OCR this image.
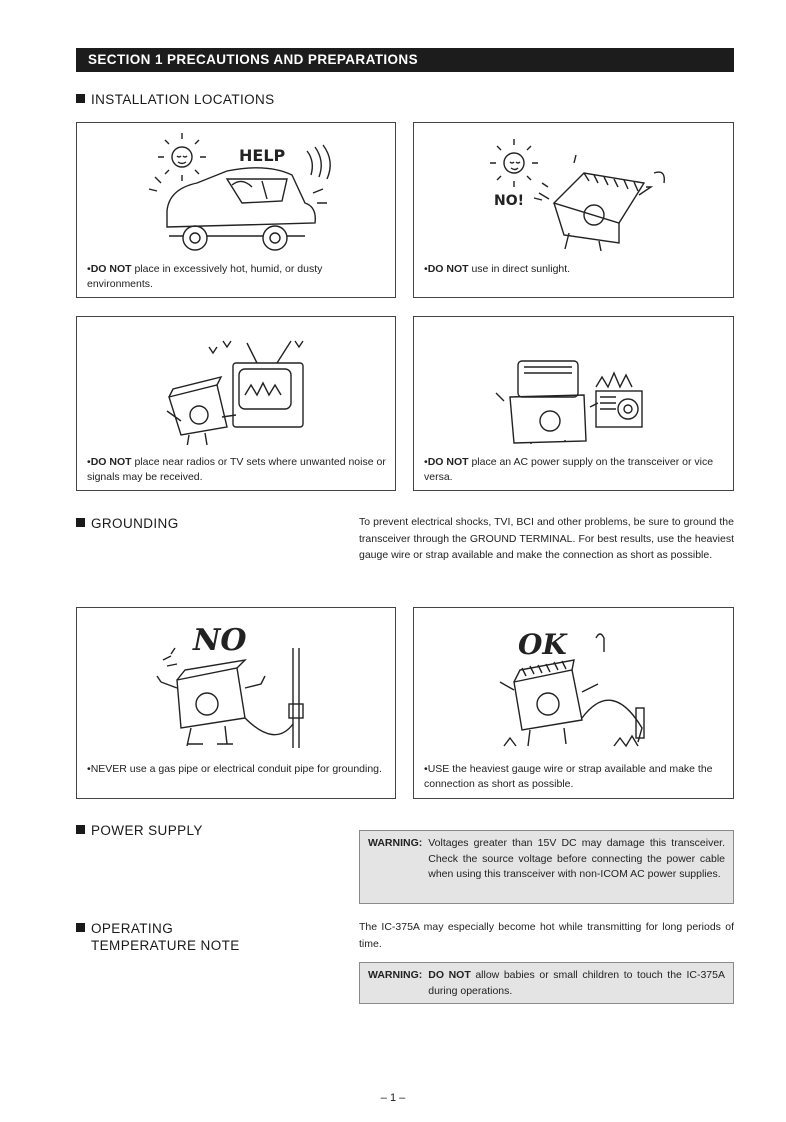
SECTION 1 PRECAUTIONS AND PREPARATIONS
INSTALLATION LOCATIONS
HELP
•DO NOT place in excessively hot, humid, or dusty environments.
NO!
•DO NOT use in direct sunlight.
•DO NOT place near radios or TV sets where unwanted noise or signals may be received.
•DO NOT place an AC power supply on the transceiver or vice versa.
GROUNDING	To prevent electrical shocks, TVI, BCI and other problems, be sure to ground the transceiver through the GROUND TERMINAL. For best results, use the heaviest gauge wire or strap available and make the connection as short as possible.
NO
•NEVER use a gas pipe or electrical conduit pipe for grounding.
OK
•USE the heaviest gauge wire or strap available and make the connection as short as possible.
POWER SUPPLY
WARNING: Voltages greater than 15V DC may damage this transceiver. Check the source voltage before connecting the power cable when using this transceiver with non-ICOM AC power supplies.
OPERATING
TEMPERATURE NOTE
The IC-375A may especially become hot while transmitting for long periods of time.
WARNING: DO NOT allow babies or small children to touch the IC-375A during operations.
– 1 –
